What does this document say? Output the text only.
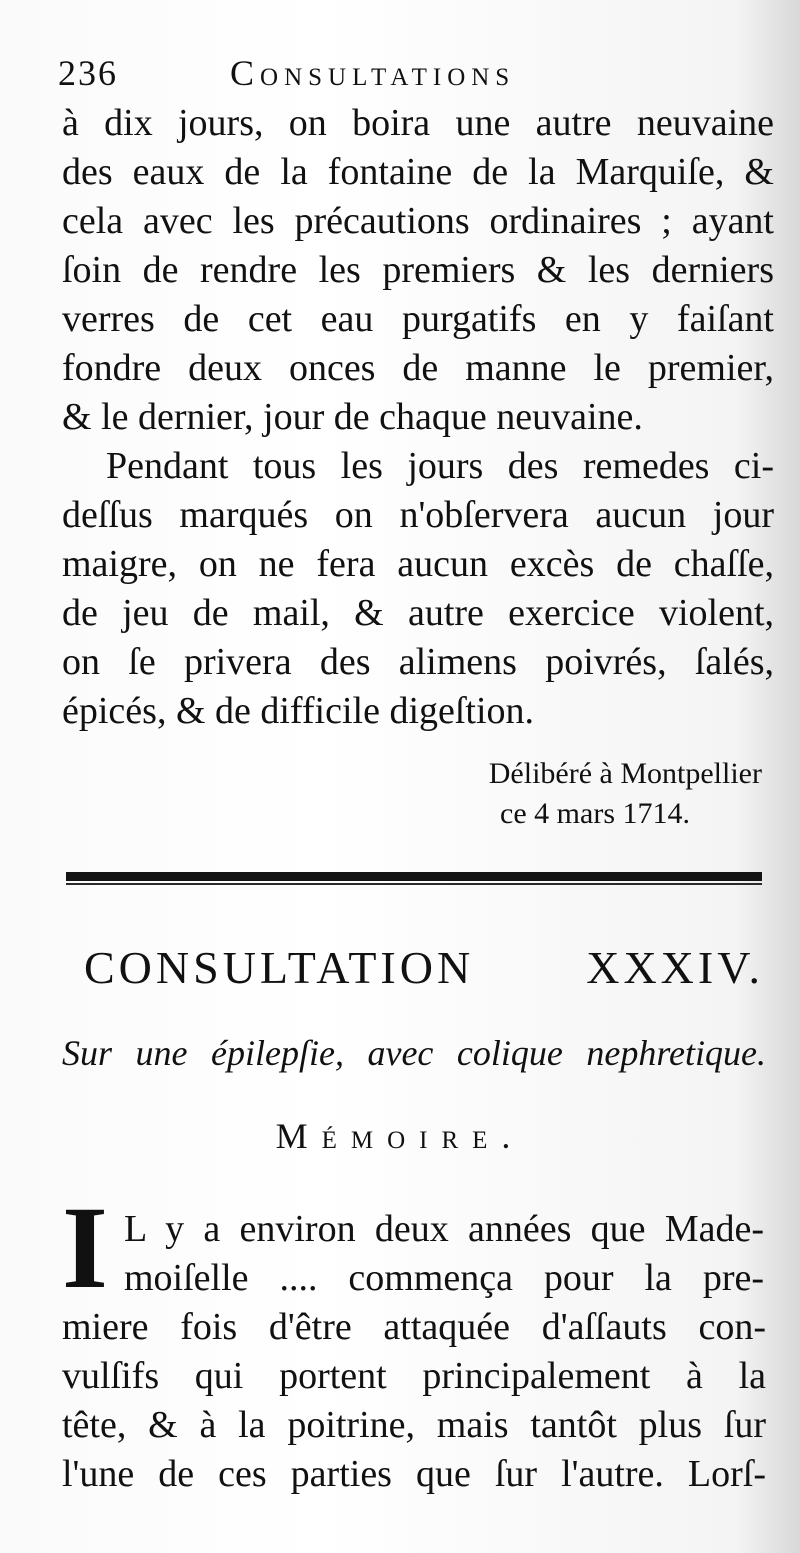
236	Consultations
à dix jours, on boira une autre neuvaine
des eaux de la fontaine de la Marquiſe, &
cela avec les précautions ordinaires ; ayant
ſoin de rendre les premiers & les derniers
verres de cet eau purgatifs en y faiſant
fondre deux onces de manne le premier,
& le dernier, jour de chaque neuvaine.
Pendant tous les jours des remedes ci-
deſſus marqués on n'obſervera aucun jour
maigre, on ne fera aucun excès de chaſſe,
de jeu de mail, & autre exercice violent,
on ſe privera des alimens poivrés, ſalés,
épicés, & de difficile digeſtion.
Délibéré à Montpellier
ce 4 mars 1714.
CONSULTATION XXXIV.
Sur une épilepſie, avec colique nephretique.
Mémoire.
I L y a environ deux années que Made-
moiſelle .... commença pour la pre-
miere fois d'être attaquée d'aſſauts con-
vulſifs qui portent principalement à la
tête, & à la poitrine, mais tantôt plus ſur
l'une de ces parties que ſur l'autre. Lorſ-
